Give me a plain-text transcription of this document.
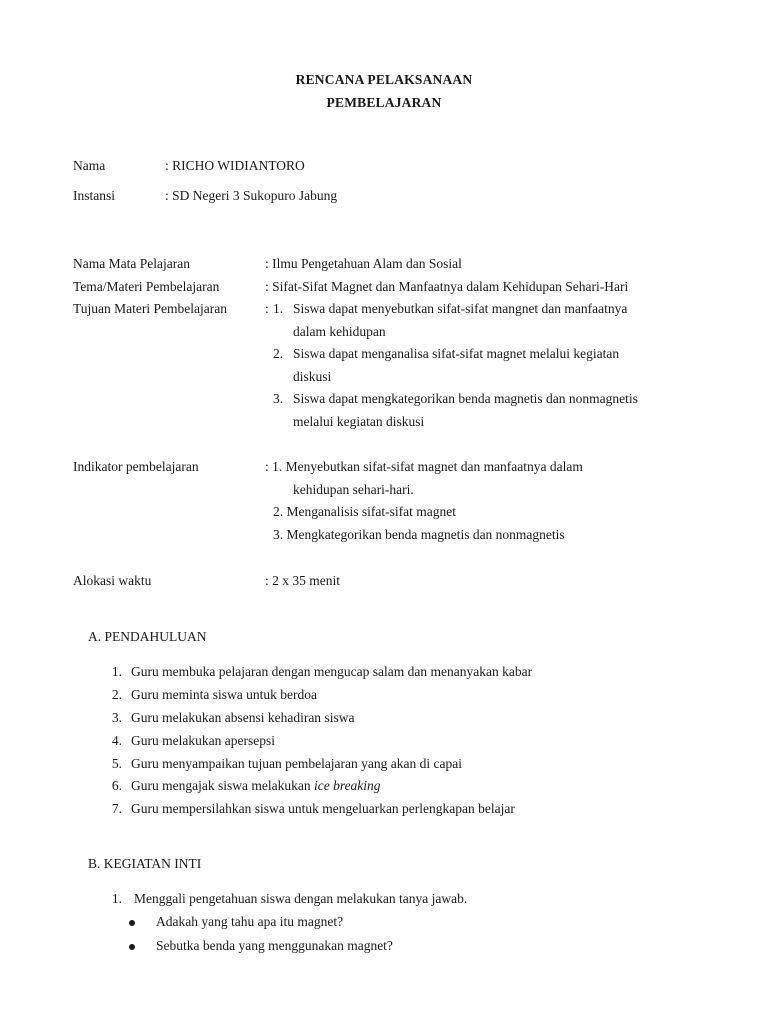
RENCANA PELAKSANAAN
PEMBELAJARAN
Nama	: RICHO WIDIANTORO
Instansi	: SD Negeri 3 Sukopuro Jabung
Nama Mata Pelajaran	: Ilmu Pengetahuan Alam dan Sosial
Tema/Materi Pembelajaran	: Sifat-Sifat Magnet dan Manfaatnya dalam Kehidupan Sehari-Hari
Tujuan Materi Pembelajaran	: 1. Siswa dapat menyebutkan sifat-sifat mangnet dan manfaatnya
dalam kehidupan
2. Siswa dapat menganalisa sifat-sifat magnet melalui kegiatan
diskusi
3. Siswa dapat mengkategorikan benda magnetis dan nonmagnetis
melalui kegiatan diskusi
Indikator pembelajaran	: 1. Menyebutkan sifat-sifat magnet dan manfaatnya dalam
kehidupan sehari-hari.
2. Menganalisis sifat-sifat magnet
3. Mengkategorikan benda magnetis dan nonmagnetis
Alokasi waktu	: 2 x 35 menit
A. PENDAHULUAN
1. Guru membuka pelajaran dengan mengucap salam dan menanyakan kabar
2. Guru meminta siswa untuk berdoa
3. Guru melakukan absensi kehadiran siswa
4. Guru melakukan apersepsi
5. Guru menyampaikan tujuan pembelajaran yang akan di capai
6. Guru mengajak siswa melakukan ice breaking
7. Guru mempersilahkan siswa untuk mengeluarkan perlengkapan belajar
B. KEGIATAN INTI
1. Menggali pengetahuan siswa dengan melakukan tanya jawab.
Adakah yang tahu apa itu magnet?
Sebutka benda yang menggunakan magnet?
